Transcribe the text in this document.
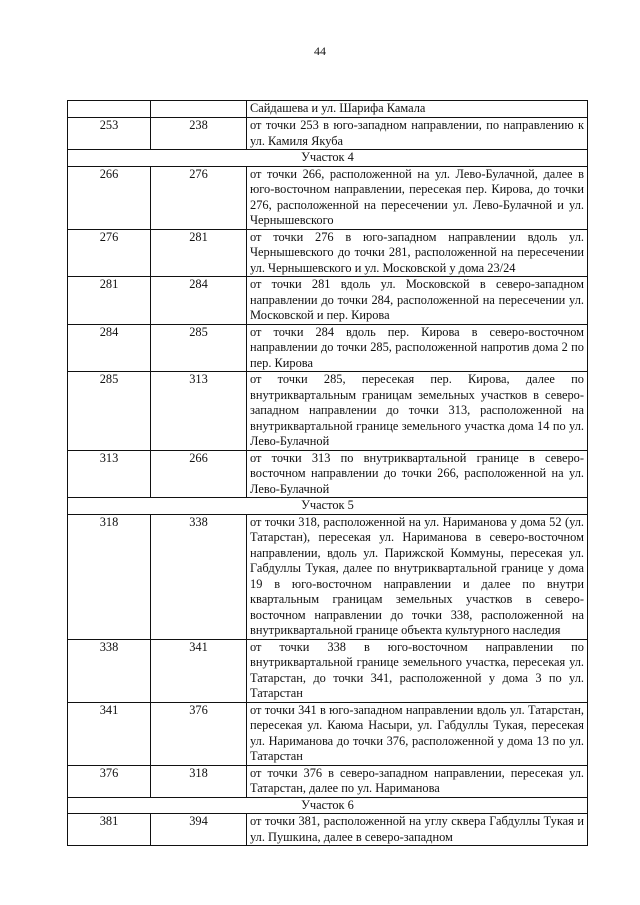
44
		Сайдашева и ул. Шарифа Камала
253	238	от точки 253 в юго-западном направлении, по направлению к ул. Камиля Якуба
Участок 4		
266	276	от точки 266, расположенной на ул. Лево-Булачной, далее в юго-восточном направлении, пересекая пер. Кирова, до точки 276, расположенной на пересечении ул. Лево-Булачной и ул. Чернышевского
276	281	от точки 276 в юго-западном направлении вдоль ул. Чернышевского до точки 281, расположенной на пересечении ул. Чернышевского и ул. Московской у дома 23/24
281	284	от точки 281 вдоль ул. Московской в северо-западном направлении до точки 284, расположенной на пересечении ул. Московской и пер. Кирова
284	285	от точки 284 вдоль пер. Кирова в северо-восточном направлении до точки 285, расположенной напротив дома 2 по пер. Кирова
285	313	от точки 285, пересекая пер. Кирова, далее по внутриквартальным границам земельных участков в северо-западном направлении до точки 313, расположенной на внутриквартальной границе земельного участка дома 14 по ул. Лево-Булачной
313	266	от точки 313 по внутриквартальной границе в северо-восточном направлении до точки 266, расположенной на ул. Лево-Булачной
Участок 5		
318	338	от точки 318, расположенной на ул. Нариманова у дома 52 (ул. Татарстан), пересекая ул. Нариманова в северо-восточном направлении, вдоль ул. Парижской Коммуны, пересекая ул. Габдуллы Тукая, далее по внутриквартальной границе у дома 19 в юго-восточном направлении и далее по внутри квартальным границам земельных участков в северо-восточном направлении до точки 338, расположенной на внутриквартальной границе объекта культурного наследия
338	341	от точки 338 в юго-восточном направлении по внутриквартальной границе земельного участка, пересекая ул. Татарстан, до точки 341, расположенной у дома 3 по ул. Татарстан
341	376	от точки 341 в юго-западном направлении вдоль ул. Татарстан, пересекая ул. Каюма Насыри, ул. Габдуллы Тукая, пересекая ул. Нариманова до точки 376, расположенной у дома 13 по ул. Татарстан
376	318	от точки 376 в северо-западном направлении, пересекая ул. Татарстан, далее по ул. Нариманова
Участок 6		
381	394	от точки 381, расположенной на углу сквера Габдуллы Тукая и ул. Пушкина, далее в северо-западном
